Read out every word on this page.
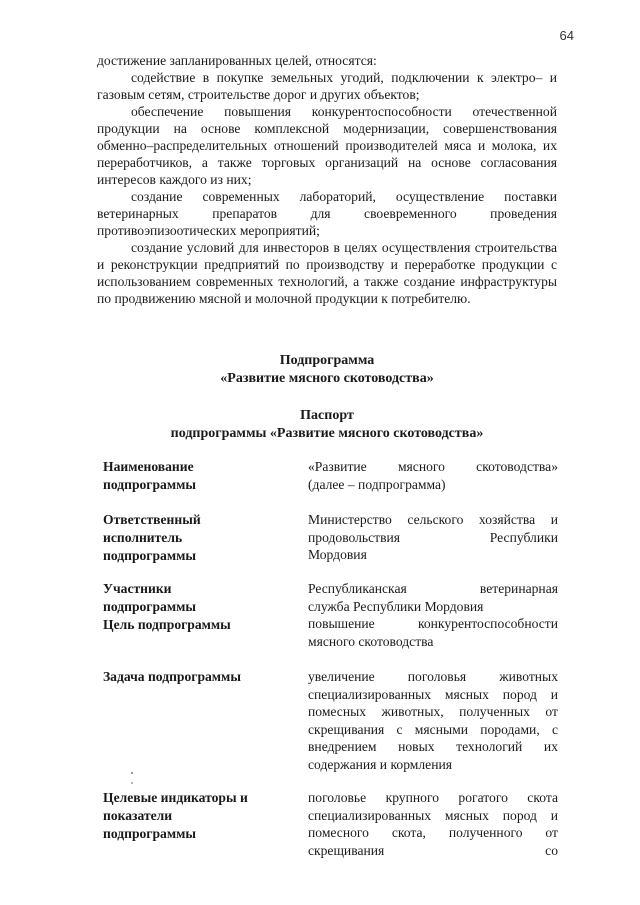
64

достижение запланированных целей, относятся:

содействие в покупке земельных угодий, подключении к электро– и газовым сетям, строительстве дорог и других объектов;

обеспечение повышения конкурентоспособности отечественной продукции на основе комплексной модернизации, совершенствования обменно–распределительных отношений производителей мяса и молока, их переработчиков, а также торговых организаций на основе согласования интересов каждого из них;

создание современных лабораторий, осуществление поставки ветеринарных препаратов для своевременного проведения противоэпизоотических мероприятий;

создание условий для инвесторов в целях осуществления строительства и реконструкции предприятий по производству и переработке продукции с использованием современных технологий, а также создание инфраструктуры по продвижению мясной и молочной продукции к потребителю.

Подпрограмма
«Развитие мясного скотоводства»
Паспорт
подпрограммы «Развитие мясного скотоводства»
Наименование
подпрограммы
«Развитие мясного скотоводства»
(далее – подпрограмма)
Ответственный
исполнитель
подпрограммы
Министерство сельского хозяйства и
продовольствия Республики
Мордовия
Участники
подпрограммы
Цель подпрограммы
Республиканская ветеринарная
служба Республики Мордовия
повышение конкурентоспособности
мясного скотоводства
Задача подпрограммы	увеличение поголовья животных
специализированных мясных пород и
помесных животных, полученных от
скрещивания с мясными породами, с
внедрением новых технологий их
содержания и кормления
Целевые индикаторы и
показатели
подпрограммы
поголовье крупного рогатого скота
специализированных мясных пород и
помесного скота, полученного от
скрещивания со
